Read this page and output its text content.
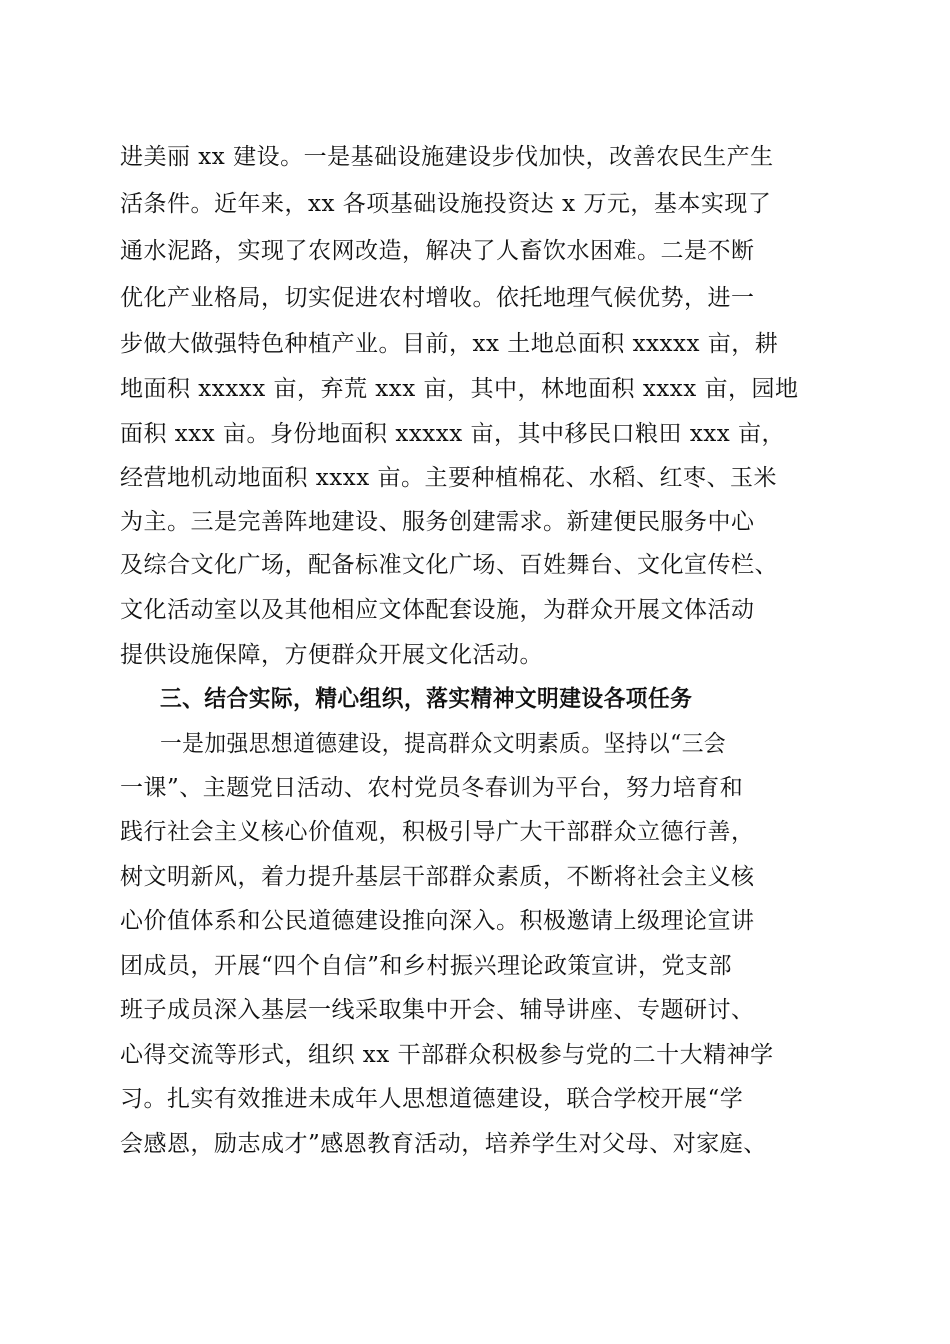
进美丽 xx 建设。一是基础设施建设步伐加快，改善农民生产生
活条件。近年来，xx 各项基础设施投资达 x 万元，基本实现了
通水泥路，实现了农网改造，解决了人畜饮水困难。二是不断
优化产业格局，切实促进农村增收。依托地理气候优势，进一
步做大做强特色种植产业。目前，xx 土地总面积 xxxxx 亩，耕
地面积 xxxxx 亩，弃荒 xxx 亩，其中，林地面积 xxxx 亩，园地
面积 xxx 亩。身份地面积 xxxxx 亩，其中移民口粮田 xxx 亩，
经营地机动地面积 xxxx 亩。主要种植棉花、水稻、红枣、玉米
为主。三是完善阵地建设、服务创建需求。新建便民服务中心
及综合文化广场，配备标准文化广场、百姓舞台、文化宣传栏、
文化活动室以及其他相应文体配套设施，为群众开展文体活动
提供设施保障，方便群众开展文化活动。
三、结合实际，精心组织，落实精神文明建设各项任务
一是加强思想道德建设，提高群众文明素质。坚持以“三会
一课”、主题党日活动、农村党员冬春训为平台，努力培育和
践行社会主义核心价值观，积极引导广大干部群众立德行善，
树文明新风，着力提升基层干部群众素质，不断将社会主义核
心价值体系和公民道德建设推向深入。积极邀请上级理论宣讲
团成员，开展“四个自信”和乡村振兴理论政策宣讲，党支部
班子成员深入基层一线采取集中开会、辅导讲座、专题研讨、
心得交流等形式，组织 xx 干部群众积极参与党的二十大精神学
习。扎实有效推进未成年人思想道德建设，联合学校开展“学
会感恩，励志成才”感恩教育活动，培养学生对父母、对家庭、
